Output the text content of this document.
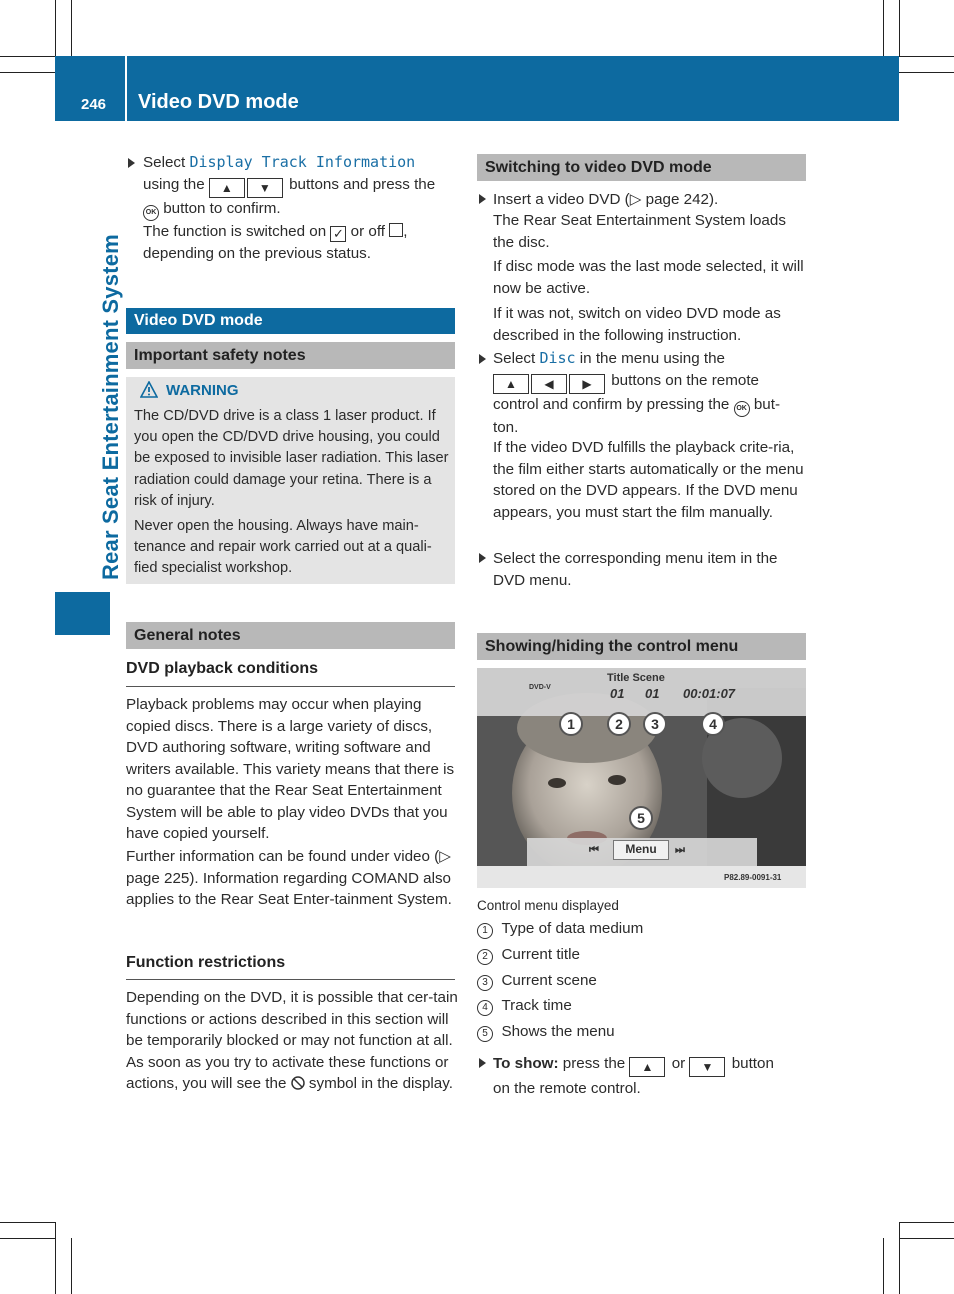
246 Video DVD mode
Rear Seat Entertainment System
Select Display Track Information
using the ▲ ▼ buttons and press the
OK button to confirm.
The function is switched on ✓ or off ,
depending on the previous status.
Video DVD mode
Important safety notes
WARNING
The CD/DVD drive is a class 1 laser product. If you open the CD/DVD drive housing, you could be exposed to invisible laser radiation. This laser radiation could damage your retina. There is a risk of injury.
Never open the housing. Always have main-tenance and repair work carried out at a quali-fied specialist workshop.
General notes
DVD playback conditions
Playback problems may occur when playing copied discs. There is a large variety of discs, DVD authoring software, writing software and writers available. This variety means that there is no guarantee that the Rear Seat Entertainment System will be able to play video DVDs that you have copied yourself.
Further information can be found under video (▷ page 225). Information regarding COMAND also applies to the Rear Seat Enter-tainment System.
Function restrictions
Depending on the DVD, it is possible that cer-tain functions or actions described in this section will be temporarily blocked or may not function at all. As soon as you try to activate these functions or actions, you will see the symbol in the display.
Switching to video DVD mode
Insert a video DVD (▷ page 242).
The Rear Seat Entertainment System loads the disc.
If disc mode was the last mode selected, it will now be active.
If it was not, switch on video DVD mode as described in the following instruction.
Select Disc in the menu using the
▲ ◀ ▶ buttons on the remote
control and confirm by pressing the OK but-
ton.
If the video DVD fulfills the playback crite-ria, the film either starts automatically or the menu stored on the DVD appears. If the DVD menu appears, you must start the film manually.
Select the corresponding menu item in the DVD menu.
Showing/hiding the control menu
DVD-V
Title Scene
01 01 00:01:07
1	2	3	4
5
⏮	Menu	⏭
P82.89-0091-31
Control menu displayed
1 Type of data medium
2 Current title
3 Current scene
4 Track time
5 Shows the menu
To show: press the ▲ or ▼ button
on the remote control.
